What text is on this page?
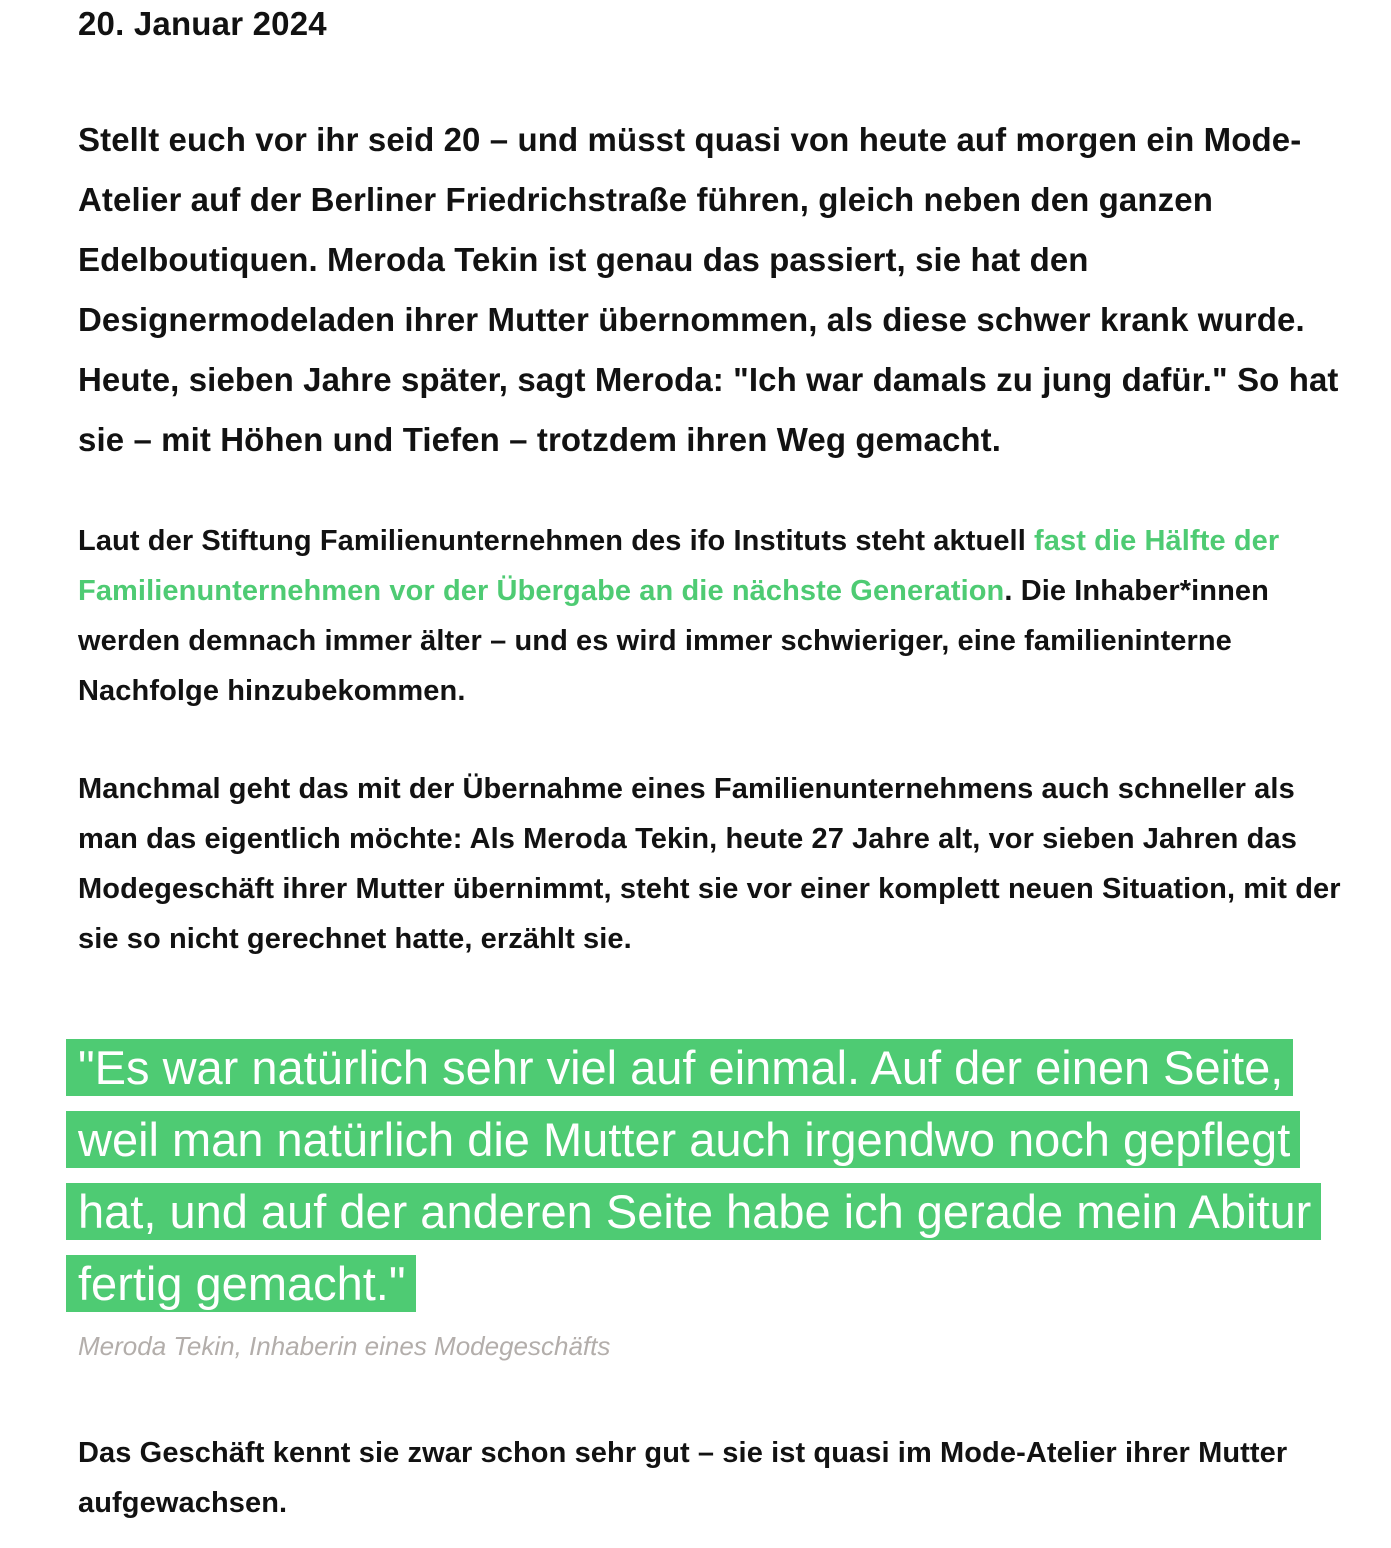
20. Januar 2024

Stellt euch vor ihr seid 20 – und müsst quasi von heute auf morgen ein Mode-Atelier auf der Berliner Friedrichstraße führen, gleich neben den ganzen Edelboutiquen. Meroda Tekin ist genau das passiert, sie hat den Designermodeladen ihrer Mutter übernommen, als diese schwer krank wurde. Heute, sieben Jahre später, sagt Meroda: "Ich war damals zu jung dafür." So hat sie – mit Höhen und Tiefen – trotzdem ihren Weg gemacht.

Laut der Stiftung Familienunternehmen des ifo Instituts steht aktuell fast die Hälfte der Familienunternehmen vor der Übergabe an die nächste Generation. Die Inhaber*innen werden demnach immer älter – und es wird immer schwieriger, eine familieninterne Nachfolge hinzubekommen.

Manchmal geht das mit der Übernahme eines Familienunternehmens auch schneller als man das eigentlich möchte: Als Meroda Tekin, heute 27 Jahre alt, vor sieben Jahren das Modegeschäft ihrer Mutter übernimmt, steht sie vor einer komplett neuen Situation, mit der sie so nicht gerechnet hatte, erzählt sie.

"Es war natürlich sehr viel auf einmal. Auf der einen Seite, weil man natürlich die Mutter auch irgendwo noch gepflegt hat, und auf der anderen Seite habe ich gerade mein Abitur fertig gemacht."
Meroda Tekin, Inhaberin eines Modegeschäfts

Das Geschäft kennt sie zwar schon sehr gut – sie ist quasi im Mode-Atelier ihrer Mutter aufgewachsen.
